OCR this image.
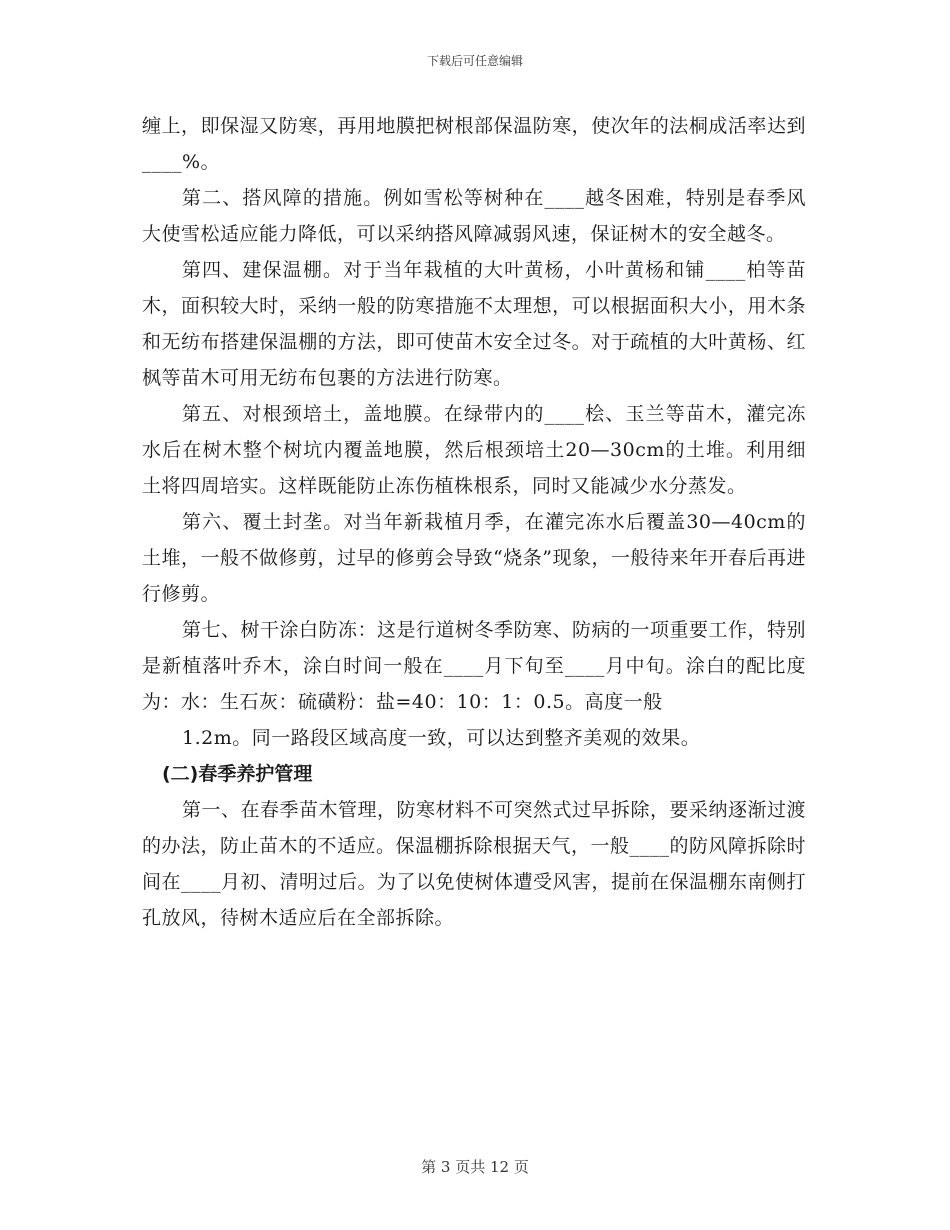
下载后可任意编辑

缠上，即保湿又防寒，再用地膜把树根部保温防寒，使次年的法桐成活率达到____%。

第二、搭风障的措施。例如雪松等树种在____越冬困难，特别是春季风大使雪松适应能力降低，可以采纳搭风障减弱风速，保证树木的安全越冬。

第四、建保温棚。对于当年栽植的大叶黄杨，小叶黄杨和铺____柏等苗木，面积较大时，采纳一般的防寒措施不太理想，可以根据面积大小，用木条和无纺布搭建保温棚的方法，即可使苗木安全过冬。对于疏植的大叶黄杨、红枫等苗木可用无纺布包裹的方法进行防寒。

第五、对根颈培土，盖地膜。在绿带内的____桧、玉兰等苗木，灌完冻水后在树木整个树坑内覆盖地膜，然后根颈培土20—30cm的土堆。利用细土将四周培实。这样既能防止冻伤植株根系，同时又能减少水分蒸发。

第六、覆土封垄。对当年新栽植月季，在灌完冻水后覆盖30—40cm的土堆，一般不做修剪，过早的修剪会导致“烧条”现象，一般待来年开春后再进行修剪。

第七、树干涂白防冻：这是行道树冬季防寒、防病的一项重要工作，特别是新植落叶乔木，涂白时间一般在____月下旬至____月中旬。涂白的配比度为：水：生石灰：硫磺粉：盐=40：10：1：0.5。高度一般

1.2m。同一路段区域高度一致，可以达到整齐美观的效果。

(二)春季养护管理

第一、在春季苗木管理，防寒材料不可突然式过早拆除，要采纳逐渐过渡的办法，防止苗木的不适应。保温棚拆除根据天气，一般____的防风障拆除时间在____月初、清明过后。为了以免使树体遭受风害，提前在保温棚东南侧打孔放风，待树木适应后在全部拆除。

第 3 页共 12 页
